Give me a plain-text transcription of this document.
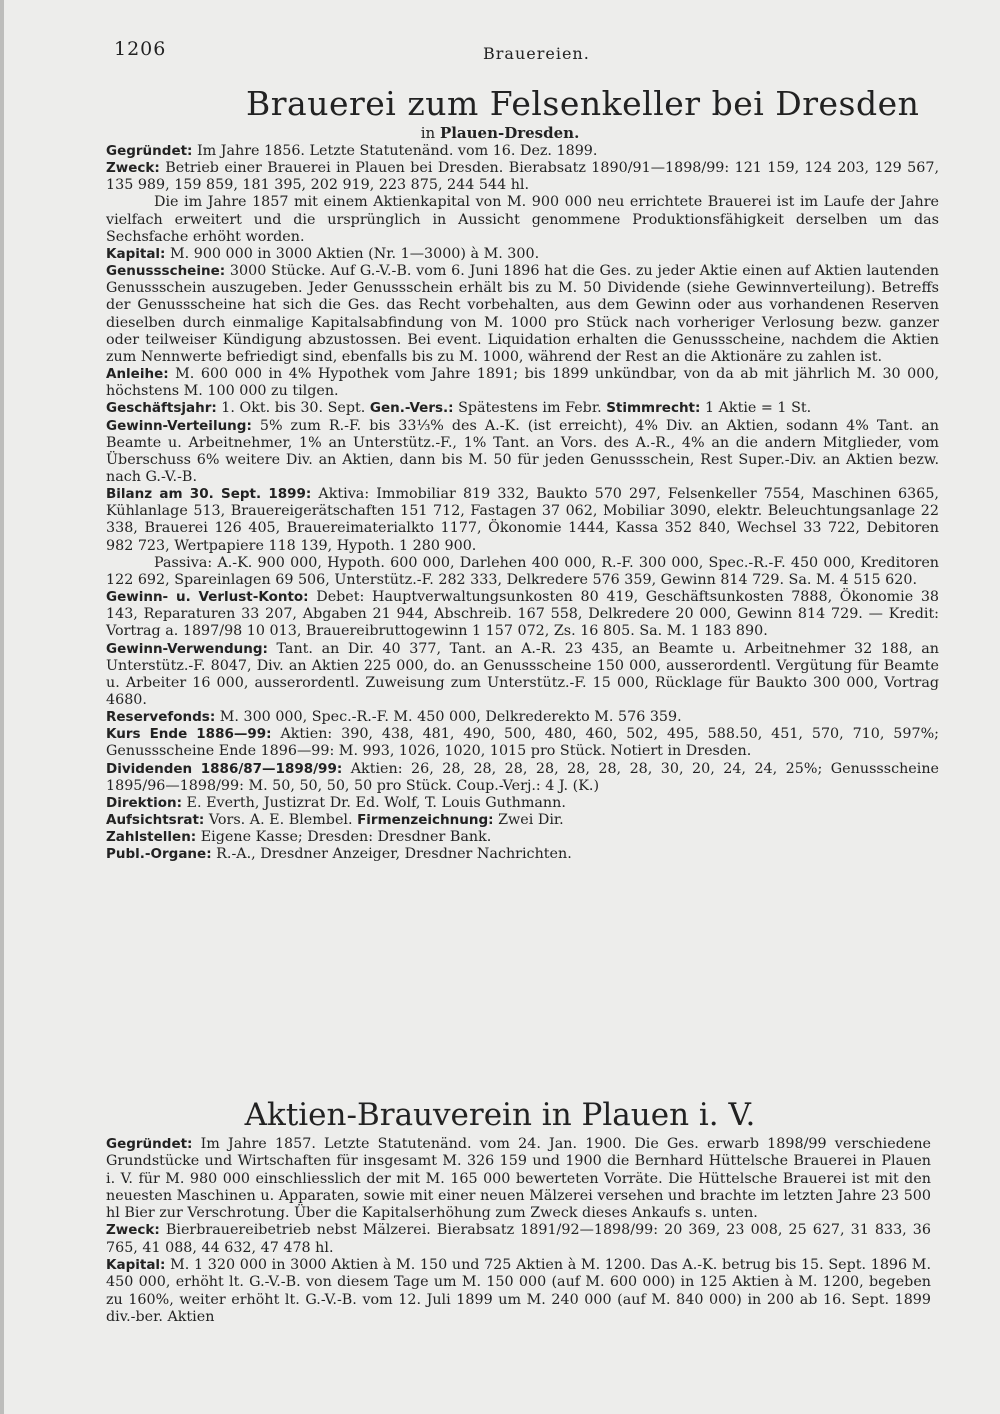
1206	Brauereien.
Brauerei zum Felsenkeller bei Dresden
in Plauen-Dresden.

Gegründet: Im Jahre 1856. Letzte Statutenänd. vom 16. Dez. 1899.

Zweck: Betrieb einer Brauerei in Plauen bei Dresden. Bierabsatz 1890/91—1898/99: 121 159, 124 203, 129 567, 135 989, 159 859, 181 395, 202 919, 223 875, 244 544 hl.

Die im Jahre 1857 mit einem Aktienkapital von M. 900 000 neu errichtete Brauerei ist im Laufe der Jahre vielfach erweitert und die ursprünglich in Aussicht genommene Produktionsfähigkeit derselben um das Sechsfache erhöht worden.

Kapital: M. 900 000 in 3000 Aktien (Nr. 1—3000) à M. 300.

Genussscheine: 3000 Stücke. Auf G.-V.-B. vom 6. Juni 1896 hat die Ges. zu jeder Aktie einen auf Aktien lautenden Genussschein auszugeben. Jeder Genussschein erhält bis zu M. 50 Dividende (siehe Gewinnverteilung). Betreffs der Genussscheine hat sich die Ges. das Recht vorbehalten, aus dem Gewinn oder aus vorhandenen Reserven dieselben durch einmalige Kapitalsabfindung von M. 1000 pro Stück nach vorheriger Verlosung bezw. ganzer oder teilweiser Kündigung abzustossen. Bei event. Liquidation erhalten die Genussscheine, nachdem die Aktien zum Nennwerte befriedigt sind, ebenfalls bis zu M. 1000, während der Rest an die Aktionäre zu zahlen ist.

Anleihe: M. 600 000 in 4% Hypothek vom Jahre 1891; bis 1899 unkündbar, von da ab mit jährlich M. 30 000, höchstens M. 100 000 zu tilgen.

Geschäftsjahr: 1. Okt. bis 30. Sept. Gen.-Vers.: Spätestens im Febr. Stimmrecht: 1 Aktie = 1 St.

Gewinn-Verteilung: 5% zum R.-F. bis 33⅓% des A.-K. (ist erreicht), 4% Div. an Aktien, sodann 4% Tant. an Beamte u. Arbeitnehmer, 1% an Unterstütz.-F., 1% Tant. an Vors. des A.-R., 4% an die andern Mitglieder, vom Überschuss 6% weitere Div. an Aktien, dann bis M. 50 für jeden Genussschein, Rest Super.-Div. an Aktien bezw. nach G.-V.-B.

Bilanz am 30. Sept. 1899: Aktiva: Immobiliar 819 332, Baukto 570 297, Felsenkeller 7554, Maschinen 6365, Kühlanlage 513, Brauereigerätschaften 151 712, Fastagen 37 062, Mobiliar 3090, elektr. Beleuchtungsanlage 22 338, Brauerei 126 405, Brauereimaterialkto 1177, Ökonomie 1444, Kassa 352 840, Wechsel 33 722, Debitoren 982 723, Wertpapiere 118 139, Hypoth. 1 280 900.

Passiva: A.-K. 900 000, Hypoth. 600 000, Darlehen 400 000, R.-F. 300 000, Spec.-R.-F. 450 000, Kreditoren 122 692, Spareinlagen 69 506, Unterstütz.-F. 282 333, Delkredere 576 359, Gewinn 814 729. Sa. M. 4 515 620.

Gewinn- u. Verlust-Konto: Debet: Hauptverwaltungsunkosten 80 419, Geschäftsunkosten 7888, Ökonomie 38 143, Reparaturen 33 207, Abgaben 21 944, Abschreib. 167 558, Delkredere 20 000, Gewinn 814 729. — Kredit: Vortrag a. 1897/98 10 013, Brauereibruttogewinn 1 157 072, Zs. 16 805. Sa. M. 1 183 890.

Gewinn-Verwendung: Tant. an Dir. 40 377, Tant. an A.-R. 23 435, an Beamte u. Arbeitnehmer 32 188, an Unterstütz.-F. 8047, Div. an Aktien 225 000, do. an Genussscheine 150 000, ausserordentl. Vergütung für Beamte u. Arbeiter 16 000, ausserordentl. Zuweisung zum Unterstütz.-F. 15 000, Rücklage für Baukto 300 000, Vortrag 4680.

Reservefonds: M. 300 000, Spec.-R.-F. M. 450 000, Delkrederekto M. 576 359.

Kurs Ende 1886—99: Aktien: 390, 438, 481, 490, 500, 480, 460, 502, 495, 588.50, 451, 570, 710, 597%; Genussscheine Ende 1896—99: M. 993, 1026, 1020, 1015 pro Stück. Notiert in Dresden.

Dividenden 1886/87—1898/99: Aktien: 26, 28, 28, 28, 28, 28, 28, 28, 30, 20, 24, 24, 25%; Genussscheine 1895/96—1898/99: M. 50, 50, 50, 50 pro Stück. Coup.-Verj.: 4 J. (K.)

Direktion: E. Everth, Justizrat Dr. Ed. Wolf, T. Louis Guthmann.

Aufsichtsrat: Vors. A. E. Blembel. Firmenzeichnung: Zwei Dir.

Zahlstellen: Eigene Kasse; Dresden: Dresdner Bank.

Publ.-Organe: R.-A., Dresdner Anzeiger, Dresdner Nachrichten.

Aktien-Brauverein in Plauen i. V.

Gegründet: Im Jahre 1857. Letzte Statutenänd. vom 24. Jan. 1900. Die Ges. erwarb 1898/99 verschiedene Grundstücke und Wirtschaften für insgesamt M. 326 159 und 1900 die Bernhard Hüttelsche Brauerei in Plauen i. V. für M. 980 000 einschliesslich der mit M. 165 000 bewerteten Vorräte. Die Hüttelsche Brauerei ist mit den neuesten Maschinen u. Apparaten, sowie mit einer neuen Mälzerei versehen und brachte im letzten Jahre 23 500 hl Bier zur Verschrotung. Über die Kapitalserhöhung zum Zweck dieses Ankaufs s. unten.

Zweck: Bierbrauereibetrieb nebst Mälzerei. Bierabsatz 1891/92—1898/99: 20 369, 23 008, 25 627, 31 833, 36 765, 41 088, 44 632, 47 478 hl.

Kapital: M. 1 320 000 in 3000 Aktien à M. 150 und 725 Aktien à M. 1200. Das A.-K. betrug bis 15. Sept. 1896 M. 450 000, erhöht lt. G.-V.-B. von diesem Tage um M. 150 000 (auf M. 600 000) in 125 Aktien à M. 1200, begeben zu 160%, weiter erhöht lt. G.-V.-B. vom 12. Juli 1899 um M. 240 000 (auf M. 840 000) in 200 ab 16. Sept. 1899 div.-ber. Aktien
